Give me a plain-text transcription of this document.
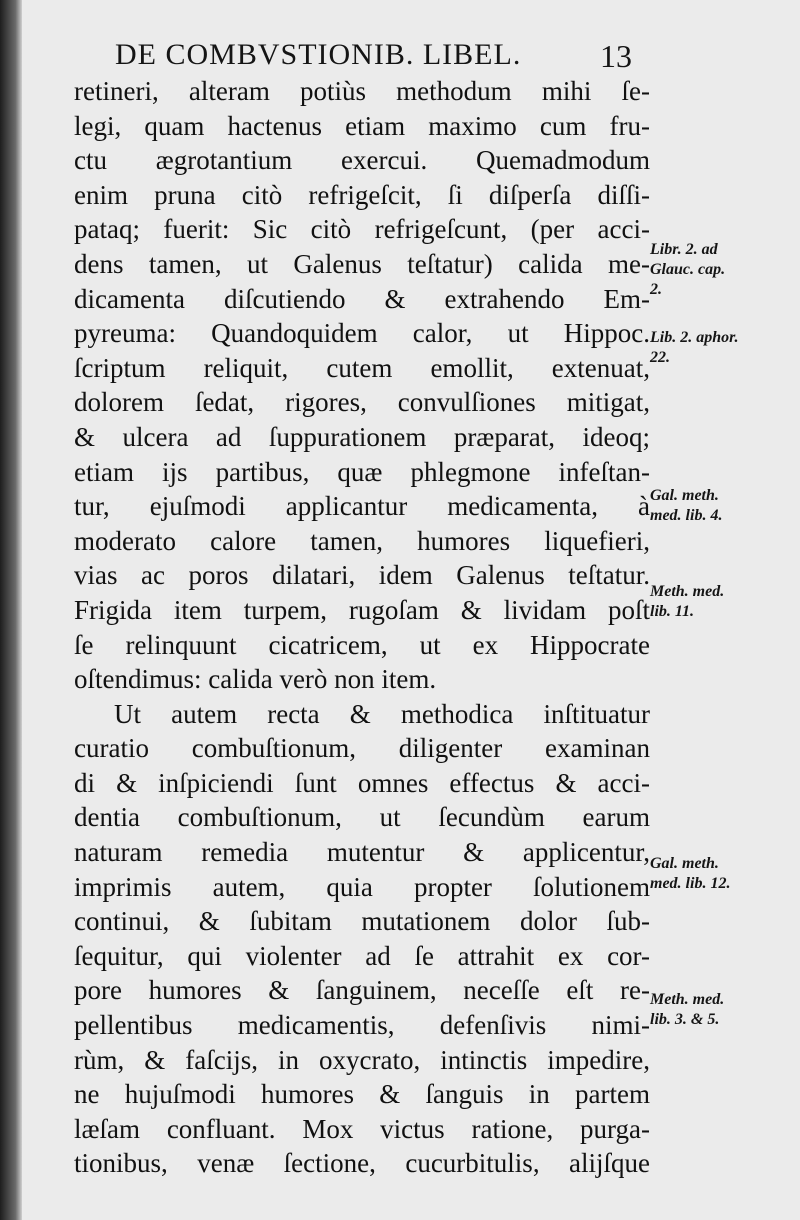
DE COMBVSTIONIB. LIBEL.	13
retineri, alteram potiùs methodum mihi ſe-
legi, quam hactenus etiam maximo cum fru-
ctu ægrotantium exercui. Quemadmodum
enim pruna citò refrigeſcit, ſi diſperſa diſſi-
pataq; fuerit: Sic citò refrigeſcunt, (per acci-
dens tamen, ut Galenus teſtatur) calida me-
dicamenta diſcutiendo & extrahendo Em-
pyreuma: Quandoquidem calor, ut Hippoc.
ſcriptum reliquit, cutem emollit, extenuat,
dolorem ſedat, rigores, convulſiones mitigat,
& ulcera ad ſuppurationem præparat, ideoq;
etiam ijs partibus, quæ phlegmone infeſtan-
tur, ejuſmodi applicantur medicamenta, à
moderato calore tamen, humores liquefieri,
vias ac poros dilatari, idem Galenus teſtatur.
Frigida item turpem, rugoſam & lividam poſt
ſe relinquunt cicatricem, ut ex Hippocrate
oſtendimus: calida verò non item.
Ut autem recta & methodica inſtituatur
curatio combuſtionum, diligenter examinan
di & inſpiciendi ſunt omnes effectus & acci-
dentia combuſtionum, ut ſecundùm earum
naturam remedia mutentur & applicentur,
imprimis autem, quia propter ſolutionem
continui, & ſubitam mutationem dolor ſub-
ſequitur, qui violenter ad ſe attrahit ex cor-
pore humores & ſanguinem, neceſſe eſt re-
pellentibus medicamentis, defenſivis nimi-
rùm, & faſcijs, in oxycrato, intinctis impedire,
ne hujuſmodi humores & ſanguis in partem
læſam confluant. Mox victus ratione, purga-
tionibus, venæ ſectione, cucurbitulis, alijſque
Libr. 2. ad
Glauc. cap.
2.
Lib. 2. aphor.
22.
Gal. meth.
med. lib. 4.
Meth. med.
lib. 11.
Gal. meth.
med. lib. 12.
Meth. med.
lib. 3. & 5.
